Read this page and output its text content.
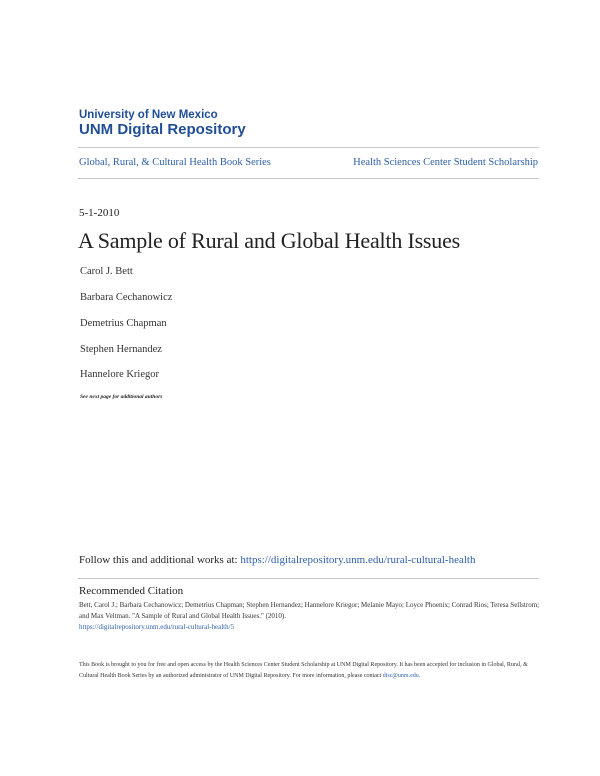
University of New Mexico
UNM Digital Repository
Global, Rural, & Cultural Health Book Series	Health Sciences Center Student Scholarship
5-1-2010
A Sample of Rural and Global Health Issues
Carol J. Bett
Barbara Cechanowicz
Demetrius Chapman
Stephen Hernandez
Hannelore Kriegor
See next page for additional authors
Follow this and additional works at: https://digitalrepository.unm.edu/rural-cultural-health
Recommended Citation
Bett, Carol J.; Barbara Cechanowicz; Demetrius Chapman; Stephen Hernandez; Hannelore Kriegor; Melanie Mayo; Loyce Phoenix; Conrad Rios; Teresa Sellstrom; and Max Veltman. "A Sample of Rural and Global Health Issues." (2010).
https://digitalrepository.unm.edu/rural-cultural-health/5
This Book is brought to you for free and open access by the Health Sciences Center Student Scholarship at UNM Digital Repository. It has been accepted for inclusion in Global, Rural, & Cultural Health Book Series by an authorized administrator of UNM Digital Repository. For more information, please contact disc@unm.edu.
